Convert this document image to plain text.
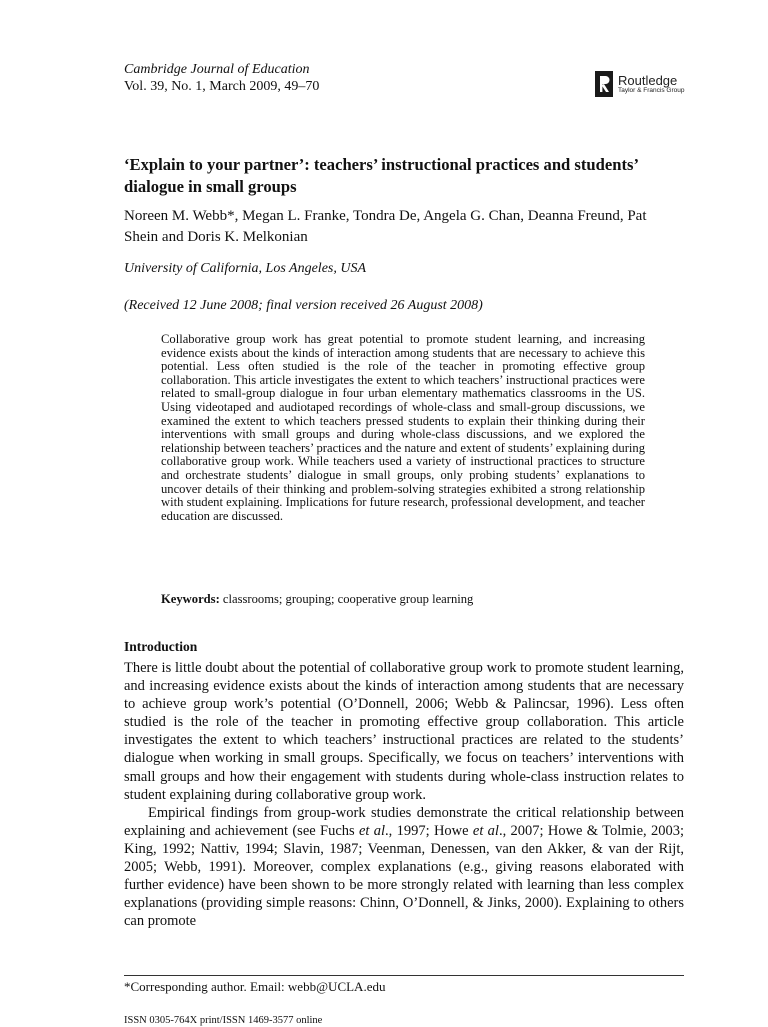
Cambridge Journal of Education
Vol. 39, No. 1, March 2009, 49–70	Routledge
Taylor & Francis Group
‘Explain to your partner’: teachers’ instructional practices and students’ dialogue in small groups

Noreen M. Webb*, Megan L. Franke, Tondra De, Angela G. Chan, Deanna Freund, Pat Shein and Doris K. Melkonian

University of California, Los Angeles, USA
(Received 12 June 2008; final version received 26 August 2008)

Collaborative group work has great potential to promote student learning, and increasing evidence exists about the kinds of interaction among students that are necessary to achieve this potential. Less often studied is the role of the teacher in promoting effective group collaboration. This article investigates the extent to which teachers’ instructional practices were related to small-group dialogue in four urban elementary mathematics classrooms in the US. Using videotaped and audiotaped recordings of whole-class and small-group discussions, we examined the extent to which teachers pressed students to explain their thinking during their interventions with small groups and during whole-class discussions, and we explored the relationship between teachers’ practices and the nature and extent of students’ explaining during collaborative group work. While teachers used a variety of instructional practices to structure and orchestrate students’ dialogue in small groups, only probing students’ explanations to uncover details of their thinking and problem-solving strategies exhibited a strong relationship with student explaining. Implications for future research, professional development, and teacher education are discussed.

Keywords: classrooms; grouping; cooperative group learning
Introduction

There is little doubt about the potential of collaborative group work to promote student learning, and increasing evidence exists about the kinds of interaction among students that are necessary to achieve group work’s potential (O’Donnell, 2006; Webb & Palincsar, 1996). Less often studied is the role of the teacher in promoting effective group collaboration. This article investigates the extent to which teachers’ instructional practices are related to the students’ dialogue when working in small groups. Specifically, we focus on teachers’ interventions with small groups and how their engagement with students during whole-class instruction relates to student explaining during collaborative group work.

Empirical findings from group-work studies demonstrate the critical relationship between explaining and achievement (see Fuchs et al., 1997; Howe et al., 2007; Howe & Tolmie, 2003; King, 1992; Nattiv, 1994; Slavin, 1987; Veenman, Denessen, van den Akker, & van der Rijt, 2005; Webb, 1991). Moreover, complex explanations (e.g., giving reasons elaborated with further evidence) have been shown to be more strongly related with learning than less complex explanations (providing simple reasons: Chinn, O’Donnell, & Jinks, 2000). Explaining to others can promote

*Corresponding author. Email: webb@UCLA.edu
ISSN 0305-764X print/ISSN 1469-3577 online
